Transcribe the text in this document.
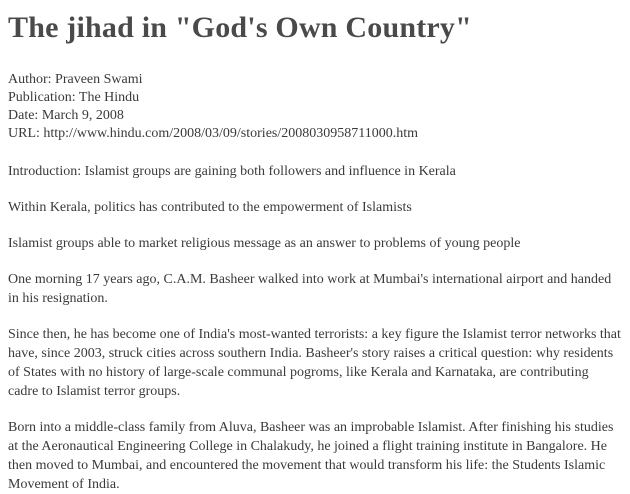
The jihad in "God's Own Country"
Author: Praveen Swami
Publication: The Hindu
Date: March 9, 2008
URL: http://www.hindu.com/2008/03/09/stories/2008030958711000.htm

Introduction: Islamist groups are gaining both followers and influence in Kerala

Within Kerala, politics has contributed to the empowerment of Islamists

Islamist groups able to market religious message as an answer to problems of young people

One morning 17 years ago, C.A.M. Basheer walked into work at Mumbai's international airport and handed in his resignation.

Since then, he has become one of India's most-wanted terrorists: a key figure the Islamist terror networks that have, since 2003, struck cities across southern India. Basheer's story raises a critical question: why residents of States with no history of large-scale communal pogroms, like Kerala and Karnataka, are contributing cadre to Islamist terror groups.

Born into a middle-class family from Aluva, Basheer was an improbable Islamist. After finishing his studies at the Aeronautical Engineering College in Chalakudy, he joined a flight training institute in Bangalore. He then moved to Mumbai, and encountered the movement that would transform his life: the Students Islamic Movement of India.
